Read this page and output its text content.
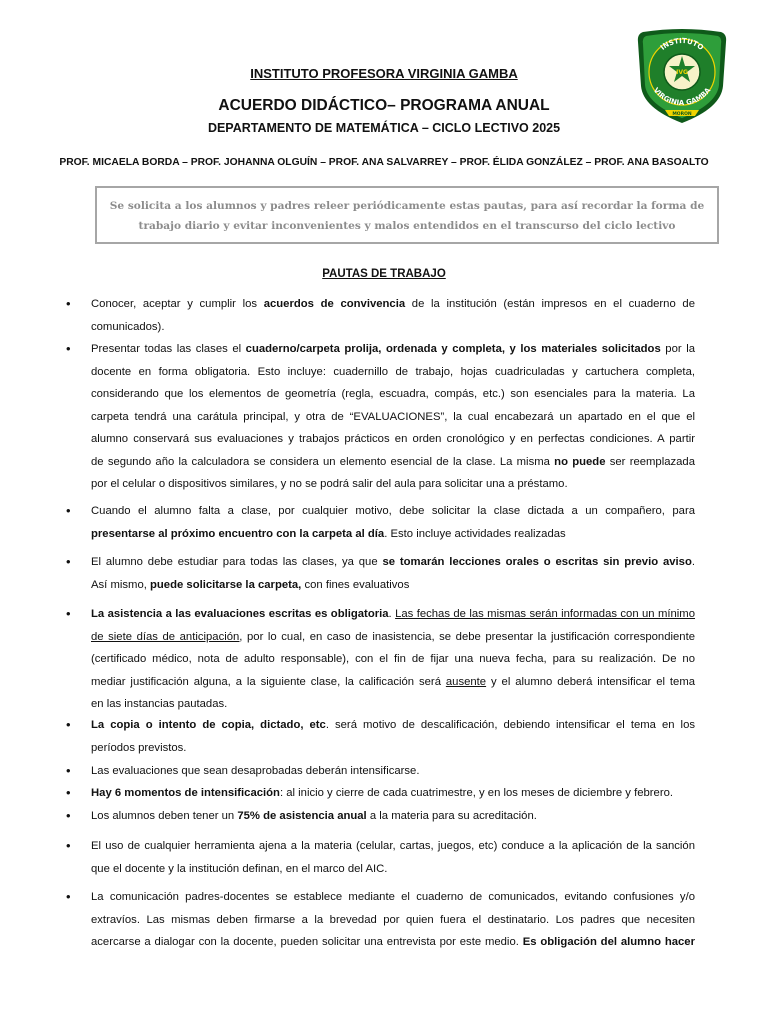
INSTITUTO PROFESORA VIRGINIA GAMBA
ACUERDO DIDÁCTICO– PROGRAMA ANUAL
DEPARTAMENTO DE MATEMÁTICA – CICLO LECTIVO 2025
PROF. MICAELA BORDA – PROF. JOHANNA OLGUÍN – PROF. ANA SALVARREY – PROF. ÉLIDA GONZÁLEZ – PROF. ANA BASOALTO
IVG
INSTITUTO
VIRGINIA GAMBA
MORON
Se solicita a los alumnos y padres releer periódicamente estas pautas, para así recordar la forma de
trabajo diario y evitar inconvenientes y malos entendidos en el transcurso del ciclo lectivo
PAUTAS DE TRABAJO
• Conocer, aceptar y cumplir los acuerdos de convivencia de la institución (están impresos en el cuaderno de
comunicados).
• Presentar todas las clases el cuaderno/carpeta prolija, ordenada y completa, y los materiales solicitados por la
docente en forma obligatoria. Esto incluye: cuadernillo de trabajo, hojas cuadriculadas y cartuchera completa,
considerando que los elementos de geometría (regla, escuadra, compás, etc.) son esenciales para la materia. La
carpeta tendrá una carátula principal, y otra de “EVALUACIONES”, la cual encabezará un apartado en el que el
alumno conservará sus evaluaciones y trabajos prácticos en orden cronológico y en perfectas condiciones. A partir
de segundo año la calculadora se considera un elemento esencial de la clase. La misma no puede ser reemplazada
por el celular o dispositivos similares, y no se podrá salir del aula para solicitar una a préstamo.
• Cuando el alumno falta a clase, por cualquier motivo, debe solicitar la clase dictada a un compañero, para
presentarse al próximo encuentro con la carpeta al día. Esto incluye actividades realizadas
• El alumno debe estudiar para todas las clases, ya que se tomarán lecciones orales o escritas sin previo aviso.
Así mismo, puede solicitarse la carpeta, con fines evaluativos
• La asistencia a las evaluaciones escritas es obligatoria. Las fechas de las mismas serán informadas con un mínimo
de siete días de anticipación, por lo cual, en caso de inasistencia, se debe presentar la justificación correspondiente
(certificado médico, nota de adulto responsable), con el fin de fijar una nueva fecha, para su realización. De no
mediar justificación alguna, a la siguiente clase, la calificación será ausente y el alumno deberá intensificar el tema
en las instancias pautadas.
• La copia o intento de copia, dictado, etc. será motivo de descalificación, debiendo intensificar el tema en los
períodos previstos.
• Las evaluaciones que sean desaprobadas deberán intensificarse.
• Hay 6 momentos de intensificación: al inicio y cierre de cada cuatrimestre, y en los meses de diciembre y febrero.
• Los alumnos deben tener un 75% de asistencia anual a la materia para su acreditación.
• El uso de cualquier herramienta ajena a la materia (celular, cartas, juegos, etc) conduce a la aplicación de la sanción
que el docente y la institución definan, en el marco del AIC.
• La comunicación padres-docentes se establece mediante el cuaderno de comunicados, evitando confusiones y/o
extravíos. Las mismas deben firmarse a la brevedad por quien fuera el destinatario. Los padres que necesiten
acercarse a dialogar con la docente, pueden solicitar una entrevista por este medio. Es obligación del alumno hacer
